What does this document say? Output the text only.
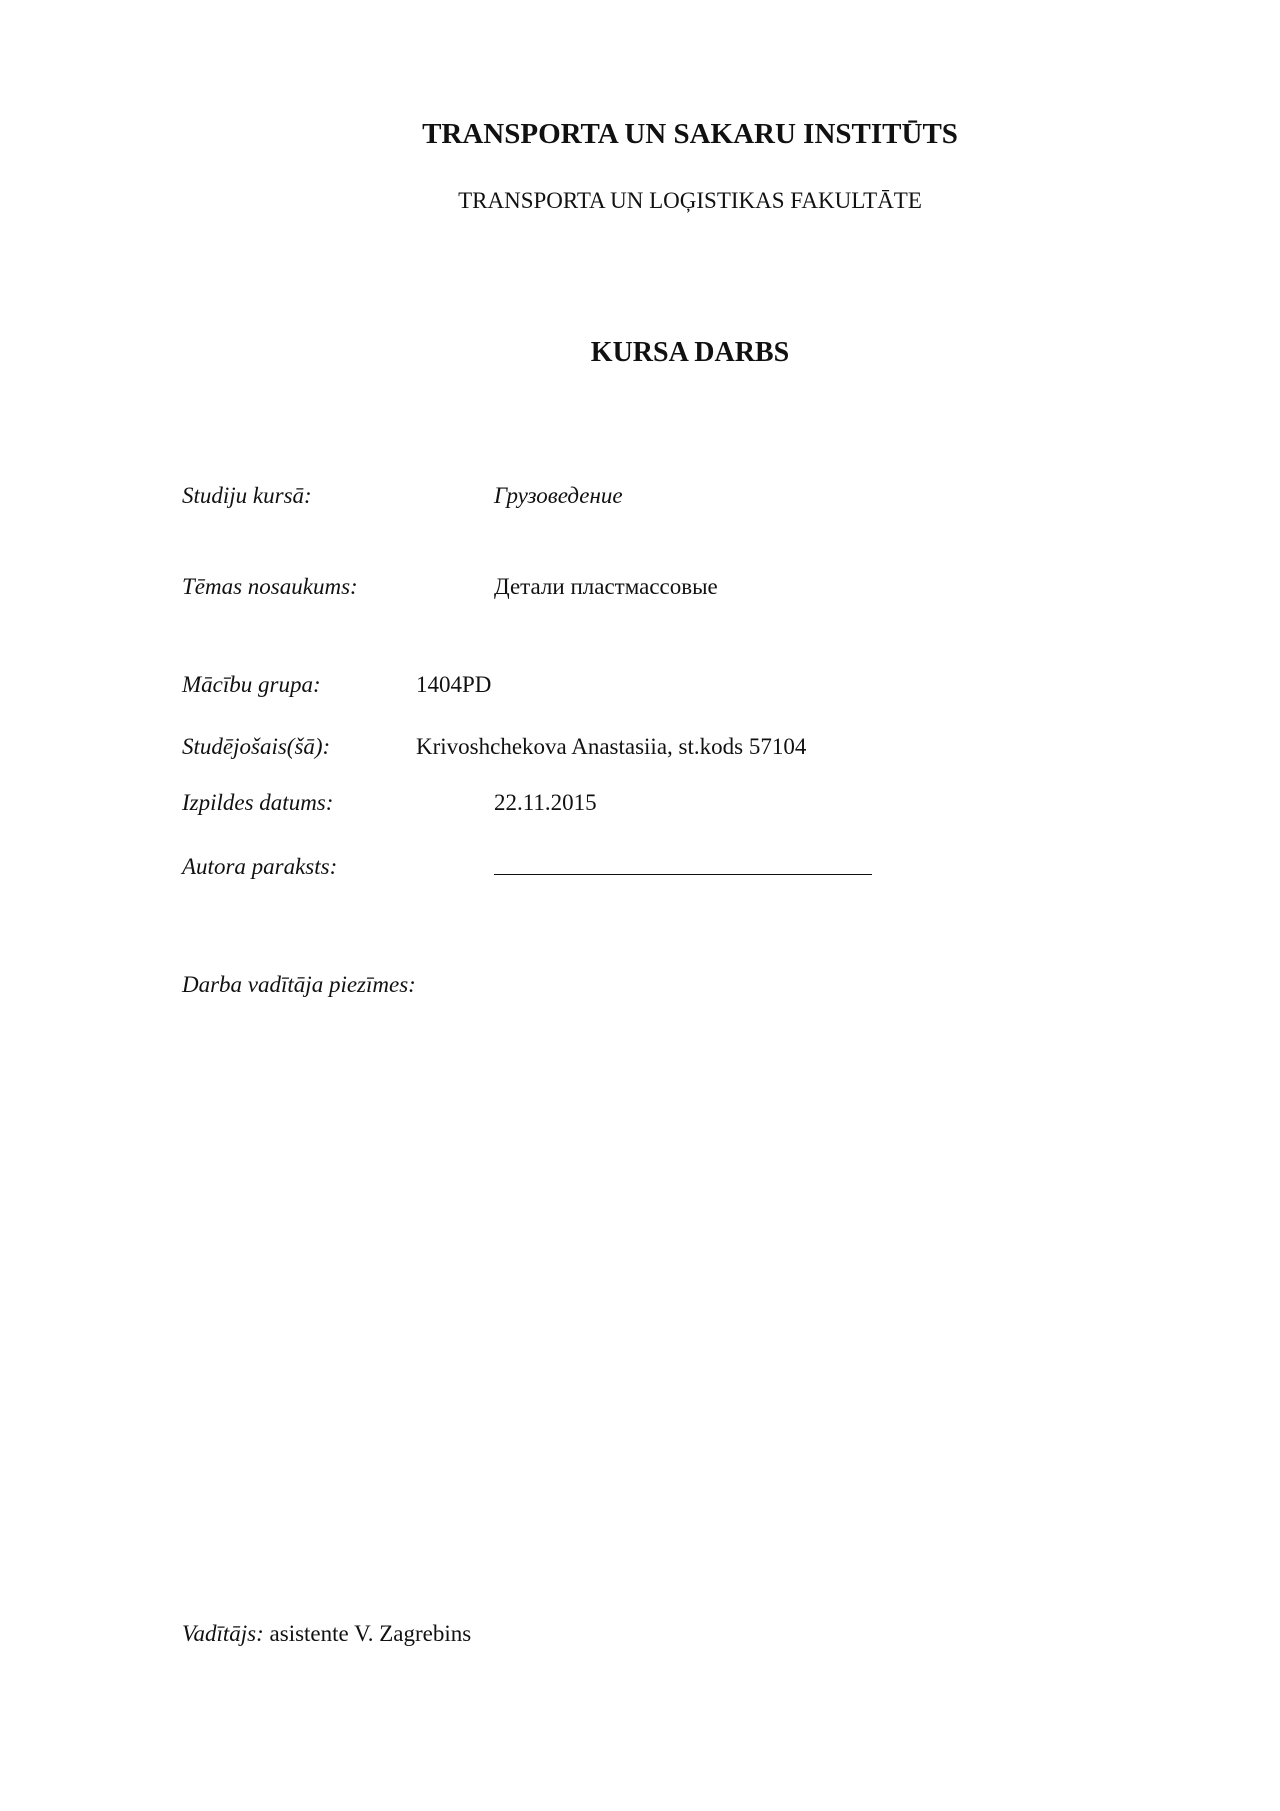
TRANSPORTA UN SAKARU INSTITŪTS
TRANSPORTA UN LOĢISTIKAS FAKULTĀTE
KURSA DARBS
Studiju kursā:	Грузоведение
Tēmas nosaukums:	Детали пластмассовые
Mācību grupa:	1404PD
Studējošais(šā):	Krivoshchekova Anastasiia, st.kods 57104
Izpildes datums:	22.11.2015
Autora paraksts:
Darba vadītāja piezīmes:
Vadītājs: asistente V. Zagrebins
